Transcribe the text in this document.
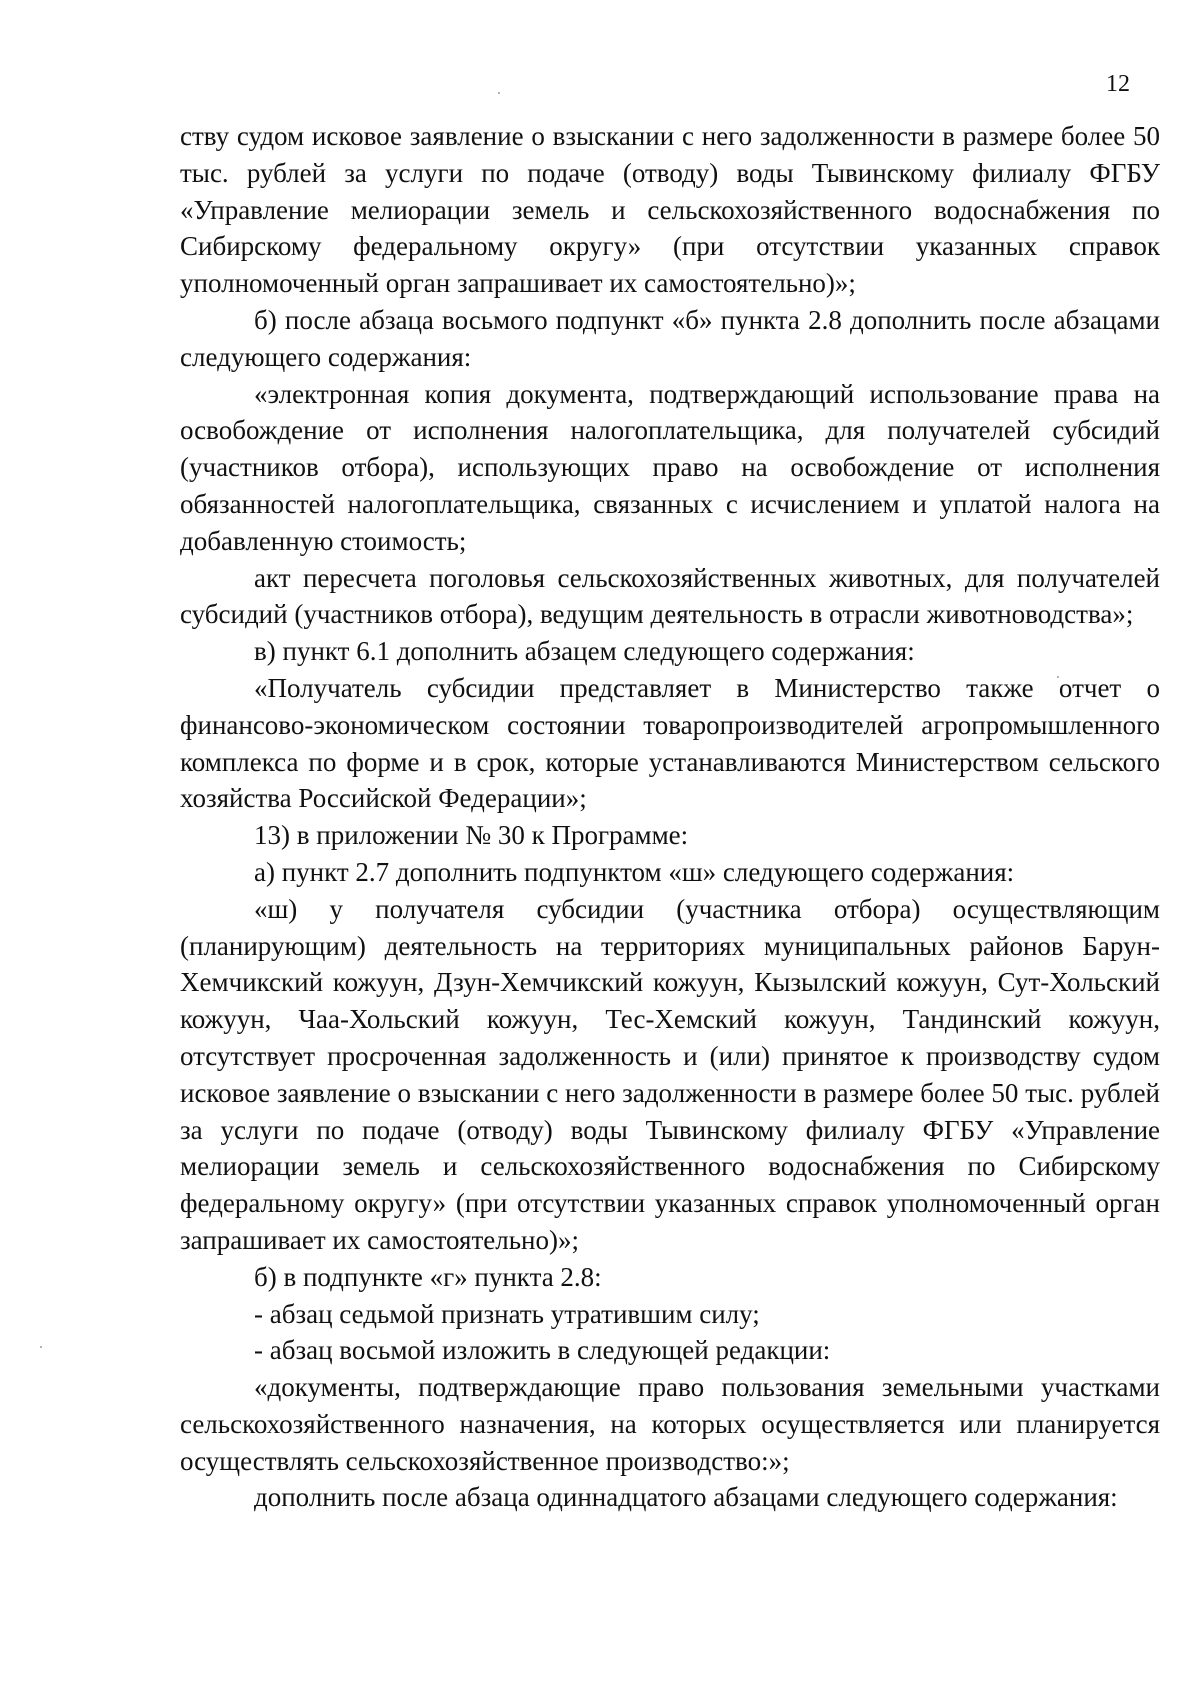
12

ству судом исковое заявление о взыскании с него задолженности в размере более 50 тыс. рублей за услуги по подаче (отводу) воды Тывинскому филиалу ФГБУ «Управление мелиорации земель и сельскохозяйственного водоснабжения по Сибирскому федеральному округу» (при отсутствии указанных справок уполномоченный орган запрашивает их самостоятельно)»;

б) после абзаца восьмого подпункт «б» пункта 2.8 дополнить после абзацами следующего содержания:

«электронная копия документа, подтверждающий использование права на освобождение от исполнения налогоплательщика, для получателей субсидий (участников отбора), использующих право на освобождение от исполнения обязанностей налогоплательщика, связанных с исчислением и уплатой налога на добавленную стоимость;

акт пересчета поголовья сельскохозяйственных животных, для получателей субсидий (участников отбора), ведущим деятельность в отрасли животноводства»;

в) пункт 6.1 дополнить абзацем следующего содержания:

«Получатель субсидии представляет в Министерство также отчет о финансово-экономическом состоянии товаропроизводителей агропромышленного комплекса по форме и в срок, которые устанавливаются Министерством сельского хозяйства Российской Федерации»;

13) в приложении № 30 к Программе:

а) пункт 2.7 дополнить подпунктом «ш» следующего содержания:

«ш) у получателя субсидии (участника отбора) осуществляющим (планирующим) деятельность на территориях муниципальных районов Барун-Хемчикский кожуун, Дзун-Хемчикский кожуун, Кызылский кожуун, Сут-Хольский кожуун, Чаа-Хольский кожуун, Тес-Хемский кожуун, Тандинский кожуун, отсутствует просроченная задолженность и (или) принятое к производству судом исковое заявление о взыскании с него задолженности в размере более 50 тыс. рублей за услуги по подаче (отводу) воды Тывинскому филиалу ФГБУ «Управление мелиорации земель и сельскохозяйственного водоснабжения по Сибирскому федеральному округу» (при отсутствии указанных справок уполномоченный орган запрашивает их самостоятельно)»;

б) в подпункте «г» пункта 2.8:

- абзац седьмой признать утратившим силу;

- абзац восьмой изложить в следующей редакции:

«документы, подтверждающие право пользования земельными участками сельскохозяйственного назначения, на которых осуществляется или планируется осуществлять сельскохозяйственное производство:»;

дополнить после абзаца одиннадцатого абзацами следующего содержания:
